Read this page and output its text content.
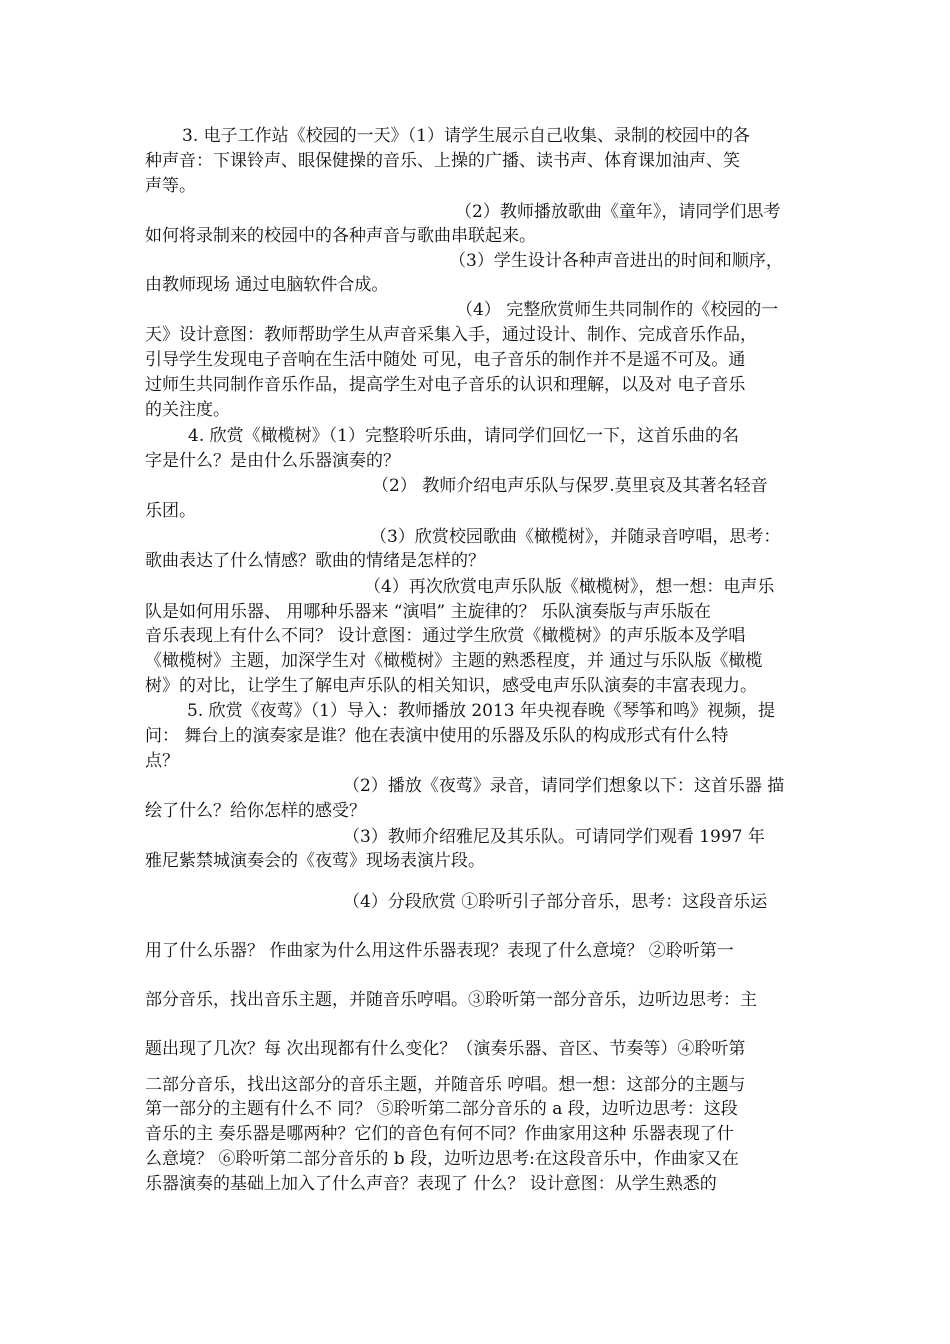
3. 电子工作站《校园的一天》（1）请学生展示自己收集、录制的校园中的各
种声音：下课铃声、眼保健操的音乐、上操的广播、读书声、体育课加油声、笑
声等。
（2）教师播放歌曲《童年》，请同学们思考
如何将录制来的校园中的各种声音与歌曲串联起来。
（3）学生设计各种声音进出的时间和顺序，
由教师现场 通过电脑软件合成。
（4） 完整欣赏师生共同制作的《校园的一
天》设计意图：教师帮助学生从声音采集入手，通过设计、制作、完成音乐作品，
引导学生发现电子音响在生活中随处 可见，电子音乐的制作并不是遥不可及。通
过师生共同制作音乐作品，提高学生对电子音乐的认识和理解，以及对 电子音乐
的关注度。
4. 欣赏《橄榄树》（1）完整聆听乐曲，请同学们回忆一下，这首乐曲的名
字是什么？是由什么乐器演奏的？
（2） 教师介绍电声乐队与保罗.莫里哀及其著名轻音
乐团。
（3）欣赏校园歌曲《橄榄树》，并随录音哼唱，思考：
歌曲表达了什么情感？歌曲的情绪是怎样的？
（4）再次欣赏电声乐队版《橄榄树》，想一想：电声乐
队是如何用乐器、 用哪种乐器来 “演唱” 主旋律的？ 乐队演奏版与声乐版在
音乐表现上有什么不同？ 设计意图：通过学生欣赏《橄榄树》的声乐版本及学唱
《橄榄树》主题，加深学生对《橄榄树》主题的熟悉程度，并 通过与乐队版《橄榄
树》的对比，让学生了解电声乐队的相关知识，感受电声乐队演奏的丰富表现力。
5. 欣赏《夜莺》（1）导入：教师播放 2013 年央视春晚《琴筝和鸣》视频，提
问： 舞台上的演奏家是谁？他在表演中使用的乐器及乐队的构成形式有什么特
点？
（2）播放《夜莺》录音，请同学们想象以下：这首乐器 描
绘了什么？给你怎样的感受？
（3）教师介绍雅尼及其乐队。可请同学们观看 1997 年
雅尼紫禁城演奏会的《夜莺》现场表演片段。
（4）分段欣赏 ①聆听引子部分音乐，思考：这段音乐运
用了什么乐器？ 作曲家为什么用这件乐器表现？表现了什么意境？ ②聆听第一
部分音乐，找出音乐主题，并随音乐哼唱。③聆听第一部分音乐，边听边思考：主
题出现了几次？每 次出现都有什么变化？（演奏乐器、音区、节奏等）④聆听第
二部分音乐，找出这部分的音乐主题，并随音乐 哼唱。想一想：这部分的主题与
第一部分的主题有什么不 同？ ⑤聆听第二部分音乐的 a 段，边听边思考：这段
音乐的主 奏乐器是哪两种？它们的音色有何不同？作曲家用这种 乐器表现了什
么意境？ ⑥聆听第二部分音乐的 b 段，边听边思考:在这段音乐中，作曲家又在
乐器演奏的基础上加入了什么声音？表现了 什么？ 设计意图：从学生熟悉的
